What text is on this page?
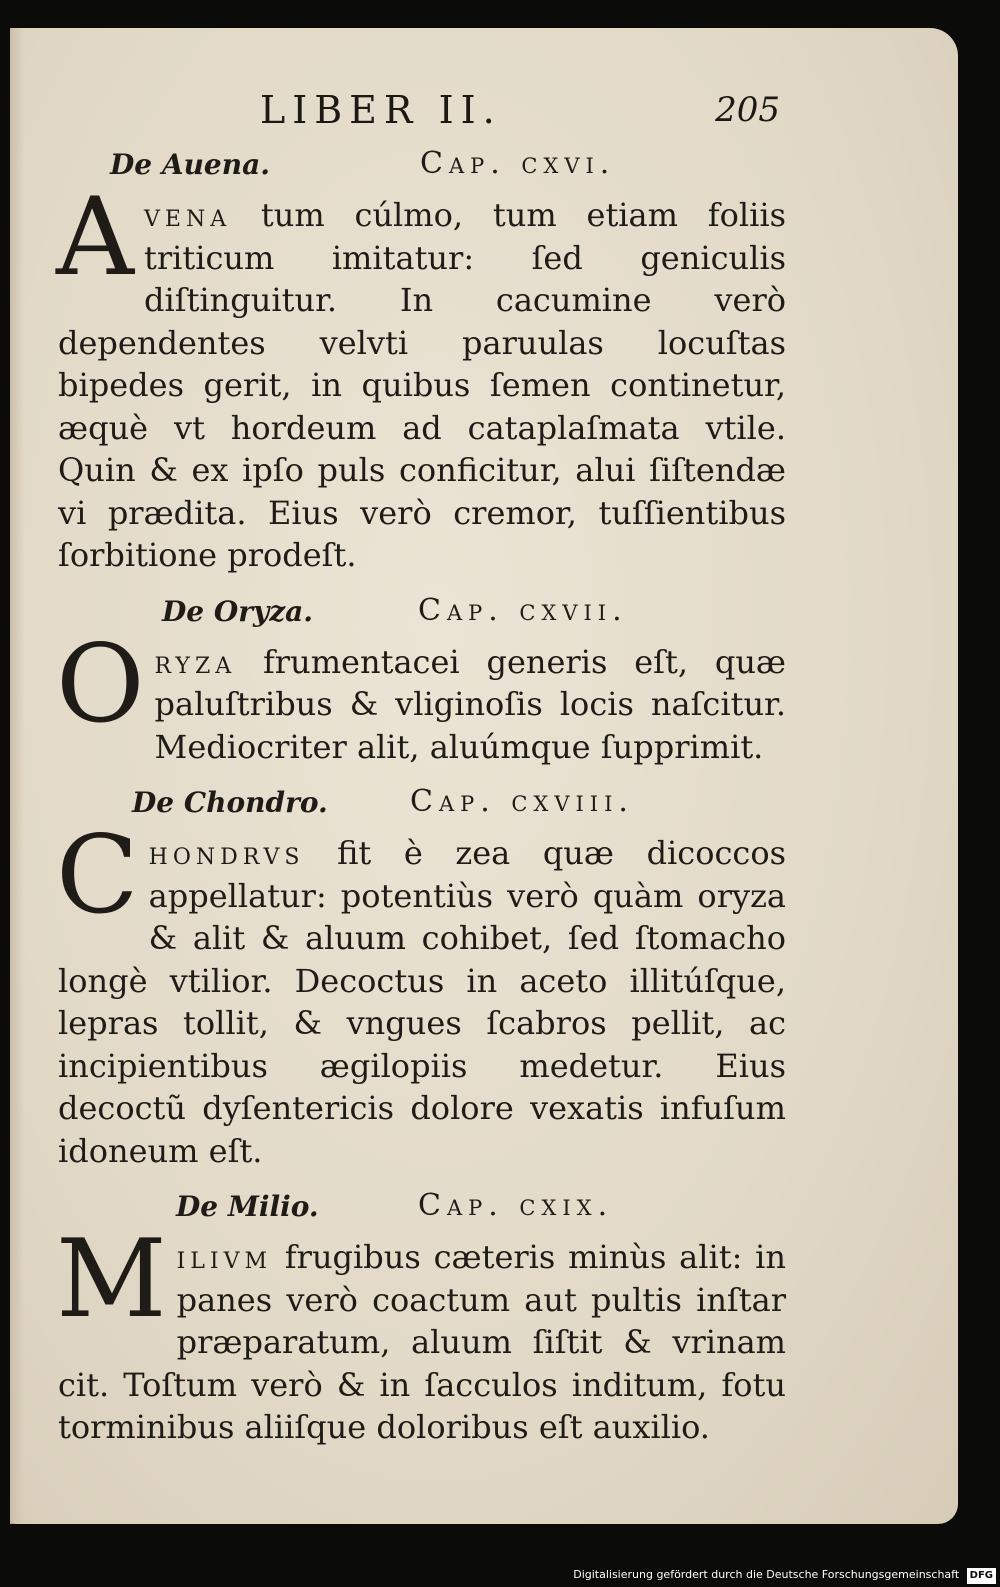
LIBER II.	205
De Auena.	Cap. cxvi.

Avena tum cúlmo, tum etiam foliis triticum imitatur: ſed geniculis diſtinguitur. In cacumine verò dependentes velvti paruulas locuſtas bipedes gerit, in quibus ſemen continetur, æquè vt hordeum ad cataplaſmata vtile. Quin & ex ipſo puls conficitur, alui ſiſtendæ vi prædita. Eius verò cremor, tuſſientibus ſorbitione prodeſt.

De Oryza.	Cap. cxvii.

Oryza frumentacei generis eſt, quæ paluſtribus & vliginoſis locis naſcitur. Mediocriter alit, aluúmque ſupprimit.

De Chondro.	Cap. cxviii.

Chondrvs fit è zea quæ dicoccos appellatur: potentiùs verò quàm oryza & alit & aluum cohibet, ſed ſtomacho longè vtilior. Decoctus in aceto illitúſque, lepras tollit, & vngues ſcabros pellit, ac incipientibus ægilopiis medetur. Eius decoctũ dyſentericis dolore vexatis infuſum idoneum eſt.

De Milio.	Cap. cxix.

Milivm frugibus cæteris minùs alit: in panes verò coactum aut pultis inſtar præparatum, aluum ſiſtit & vrinam cit. Toſtum verò & in ſacculos inditum, fotu torminibus aliiſque doloribus eſt auxilio.

Digitalisierung gefördert durch die Deutsche Forschungsgemeinschaft DFG
